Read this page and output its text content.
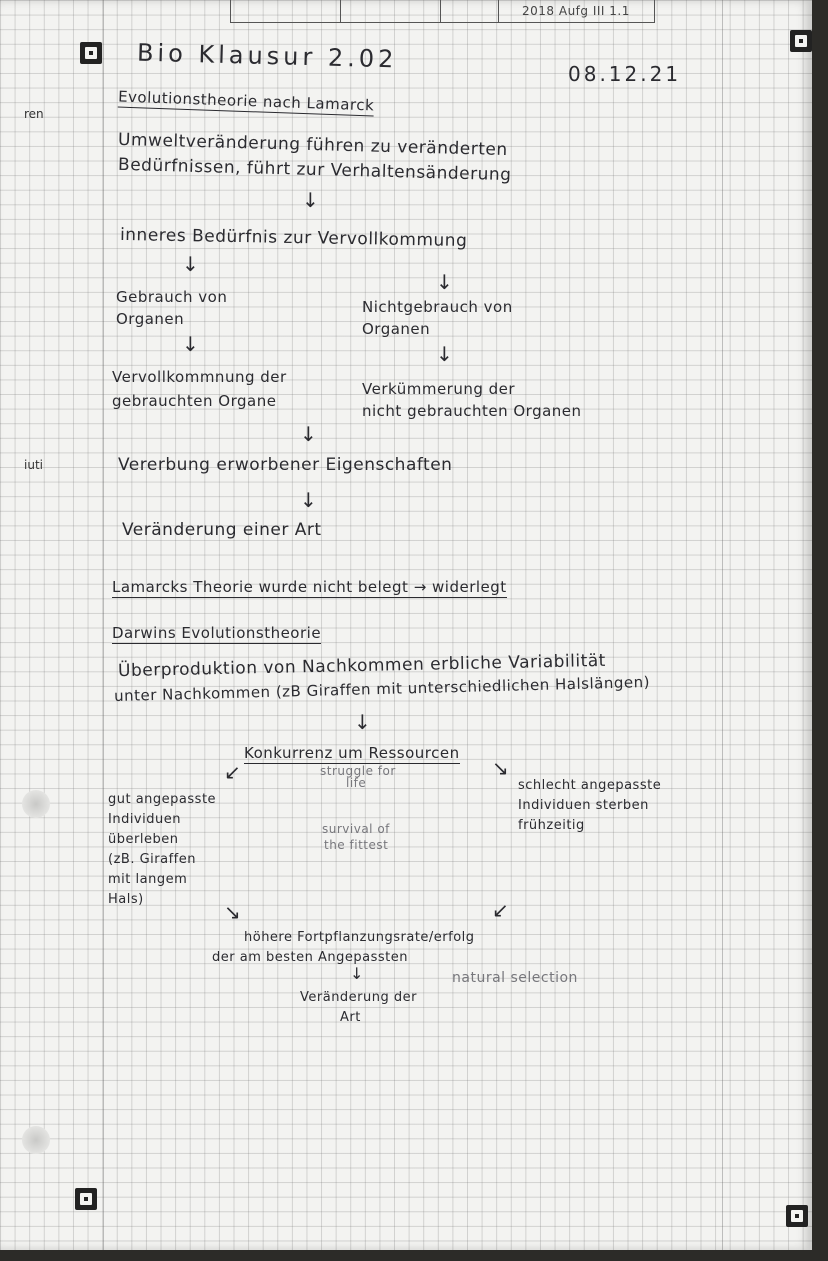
2018 Aufg III 1.1
ren
iuti
Bio Klausur 2.02
08.12.21
Evolutionstheorie nach Lamarck
Umweltveränderung führen zu veränderten
Bedürfnissen, führt zur Verhaltensänderung
↓
inneres Bedürfnis zur Vervollkommung
↓
↓
Gebrauch von
Organen
Nichtgebrauch von
Organen
↓	↓
Vervollkommnung der
gebrauchten Organe
Verkümmerung der
nicht gebrauchten Organen
↓
Vererbung erworbener Eigenschaften
↓
Veränderung einer Art
Lamarcks Theorie wurde nicht belegt → widerlegt
Darwins Evolutionstheorie
Überproduktion von Nachkommen erbliche Variabilität
unter Nachkommen (zB Giraffen mit unterschiedlichen Halslängen)
↓
Konkurrenz um Ressourcen
↙	↘
struggle for
life
gut angepasste
Individuen
überleben
(zB. Giraffen
mit langem
Hals)
survival of
the fittest
schlecht angepasste
Individuen sterben
frühzeitig
↘	↙
höhere Fortpflanzungsrate/erfolg
der am besten Angepassten
natural selection
↓
Veränderung der
Art
